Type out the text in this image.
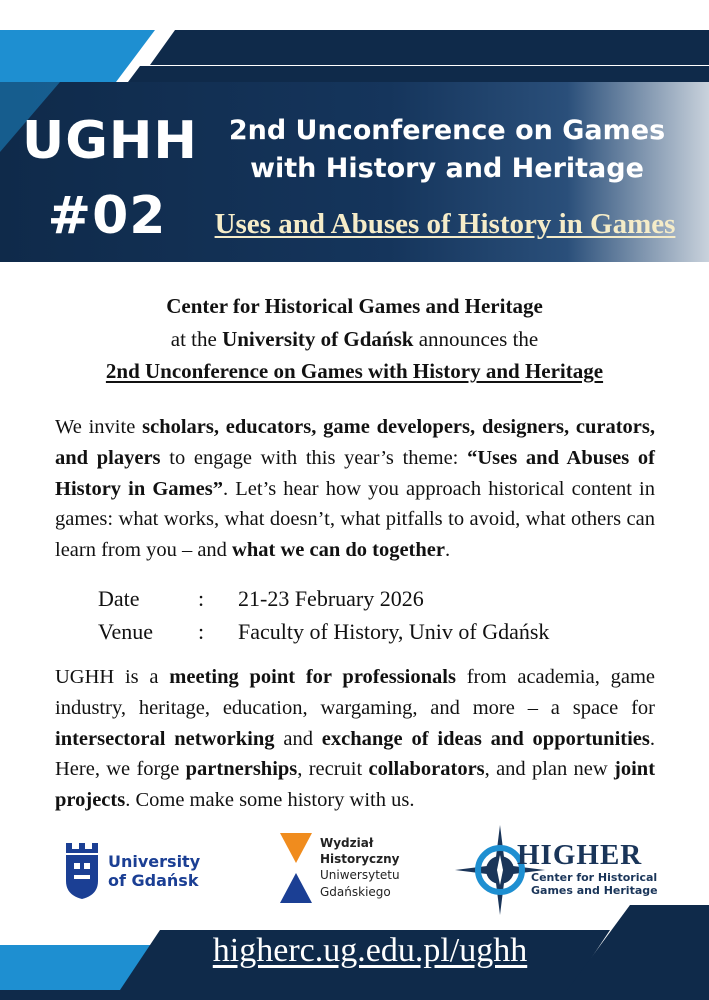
UGHH
#02
2nd Unconference on Games
with History and Heritage
Uses and Abuses of History in Games
Center for Historical Games and Heritage
at the University of Gdańsk announces the
2nd Unconference on Games with History and Heritage
We invite scholars, educators, game developers, designers, curators, and players to engage with this year’s theme: “Uses and Abuses of History in Games”. Let’s hear how you approach historical content in games: what works, what doesn’t, what pitfalls to avoid, what others can learn from you – and what we can do together.
Date	:	21-23 February 2026
Venue	:	Faculty of History, Univ of Gdańsk
UGHH is a meeting point for professionals from academia, game industry, heritage, education, wargaming, and more – a space for intersectoral networking and exchange of ideas and opportunities. Here, we forge partnerships, recruit collaborators, and plan new joint projects. Come make some history with us.
University
of Gdańsk
Wydział
Historyczny
Uniwersytetu
Gdańskiego
HIGHER
Center for Historical
Games and Heritage
higherc.ug.edu.pl/ughh
